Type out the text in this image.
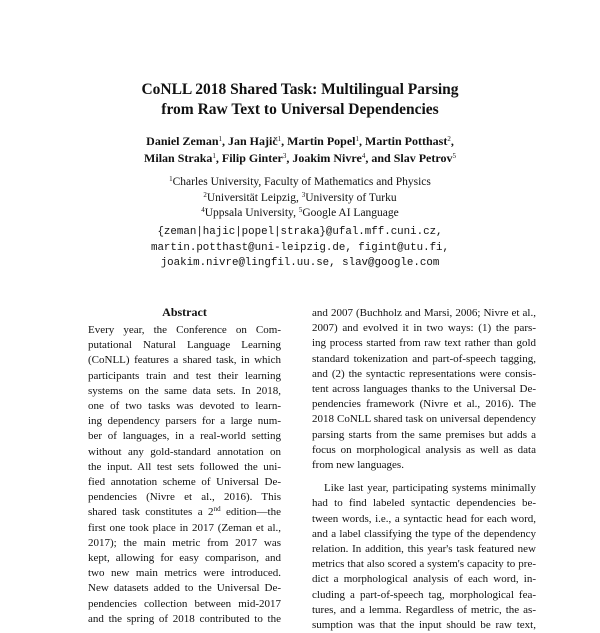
CoNLL 2018 Shared Task: Multilingual Parsing
from Raw Text to Universal Dependencies
Daniel Zeman$^1$, Jan Hajič$^1$, Martin Popel$^1$, Martin Potthast$^2$,
Milan Straka$^1$, Filip Ginter$^3$, Joakim Nivre$^4$, and Slav Petrov$^5$
$^1$Charles University, Faculty of Mathematics and Physics
$^2$Universität Leipzig, $^3$University of Turku
$^4$Uppsala University, $^5$Google AI Language
{zeman|hajic|popel|straka}@ufal.mff.cuni.cz,
martin.potthast@uni-leipzig.de, figint@utu.fi,
joakim.nivre@lingfil.uu.se, slav@google.com
Abstract
Every year, the Conference on Com-
putational Natural Language Learning
(CoNLL) features a shared task, in which
participants train and test their learning
systems on the same data sets. In 2018,
one of two tasks was devoted to learn-
ing dependency parsers for a large num-
ber of languages, in a real-world setting
without any gold-standard annotation on
the input. All test sets followed the uni-
fied annotation scheme of Universal De-
pendencies (Nivre et al., 2016). This
shared task constitutes a 2nd edition—the
first one took place in 2017 (Zeman et al.,
2017); the main metric from 2017 was
kept, allowing for easy comparison, and
two new main metrics were introduced.
New datasets added to the Universal De-
pendencies collection between mid-2017
and the spring of 2018 contributed to the
and 2007 (Buchholz and Marsi, 2006; Nivre et al.,
2007) and evolved it in two ways: (1) the pars-
ing process started from raw text rather than gold
standard tokenization and part-of-speech tagging,
and (2) the syntactic representations were consis-
tent across languages thanks to the Universal De-
pendencies framework (Nivre et al., 2016). The
2018 CoNLL shared task on universal dependency
parsing starts from the same premises but adds a
focus on morphological analysis as well as data
from new languages.
Like last year, participating systems minimally
had to find labeled syntactic dependencies be-
tween words, i.e., a syntactic head for each word,
and a label classifying the type of the dependency
relation. In addition, this year's task featured new
metrics that also scored a system's capacity to pre-
dict a morphological analysis of each word, in-
cluding a part-of-speech tag, morphological fea-
tures, and a lemma. Regardless of metric, the as-
sumption was that the input should be raw text,
